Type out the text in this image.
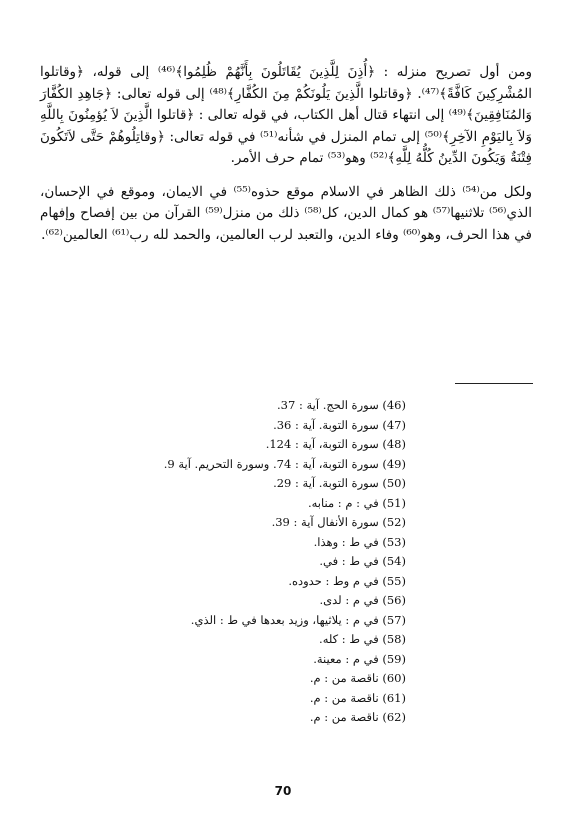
ومن أول تصريح منزله : ﴿أُذِنَ لِلَّذِينَ يُقَاتَلُونَ بِأَنَّهُمْ ظُلِمُوا﴾⁽⁴⁶⁾ إلى قوله، ﴿وقاتلوا المُشْرِكِينَ كَافَّةً﴾⁽⁴⁷⁾. ﴿وقاتلوا الَّذِينَ يَلُونَكُمْ مِنَ الكُفَّارِ﴾⁽⁴⁸⁾ إلى قوله تعالى: ﴿جَاهِدِ الكُفَّارَ وَالمُنَافِقِينَ﴾⁽⁴⁹⁾ إلى انتهاء قتال أهل الكتاب، في قوله تعالى : ﴿قاتلوا الَّذِينَ لاَ يُؤمِنُونَ بِاللَّهِ وَلاَ بِاليَوْمِ الآخِرِ﴾⁽⁵⁰⁾ إلى تمام المنزل في شأنه⁽⁵¹⁾ في قوله تعالى: ﴿وقاتِلُوهُمْ حَتَّى لاَتَكُونَ فِتْنَةٌ وَيَكُونَ الدِّينُ كُلُّهُ لِلَّهِ﴾⁽⁵²⁾ وهو⁽⁵³⁾ تمام حرف الأمر.

ولكل من⁽⁵⁴⁾ ذلك الظاهر في الاسلام موقع حذوه⁽⁵⁵⁾ في الايمان، وموقع في الإحسان، الذي⁽⁵⁶⁾ تلاثنيها⁽⁵⁷⁾ هو كمال الدين، كل⁽⁵⁸⁾ ذلك من منزل⁽⁵⁹⁾ القرآن من بين إفصاح وإفهام في هذا الحرف، وهو⁽⁶⁰⁾ وفاء الدين، والتعبد لرب العالمين، والحمد لله رب⁽⁶¹⁾ العالمين⁽⁶²⁾.

(46) سورة الحج. آية : 37.
(47) سورة التوبة. آية : 36.
(48) سورة التوبة، آية : 124.
(49) سورة التوبة، آية : 74. وسورة التحريم. آية 9.
(50) سورة التوبة. آية : 29.
(51) في : م : منابه.
(52) سورة الأنفال آية : 39.
(53) في ط : وهذا.
(54) في ط : في.
(55) في م وط : حدوده.
(56) في م : لدى.
(57) في م : يلاثيها، وزيد بعدها في ط : الذي.
(58) في ط : كله.
(59) في م : معينة.
(60) ناقصة من : م.
(61) ناقصة من : م.
(62) ناقصة من : م.
70
